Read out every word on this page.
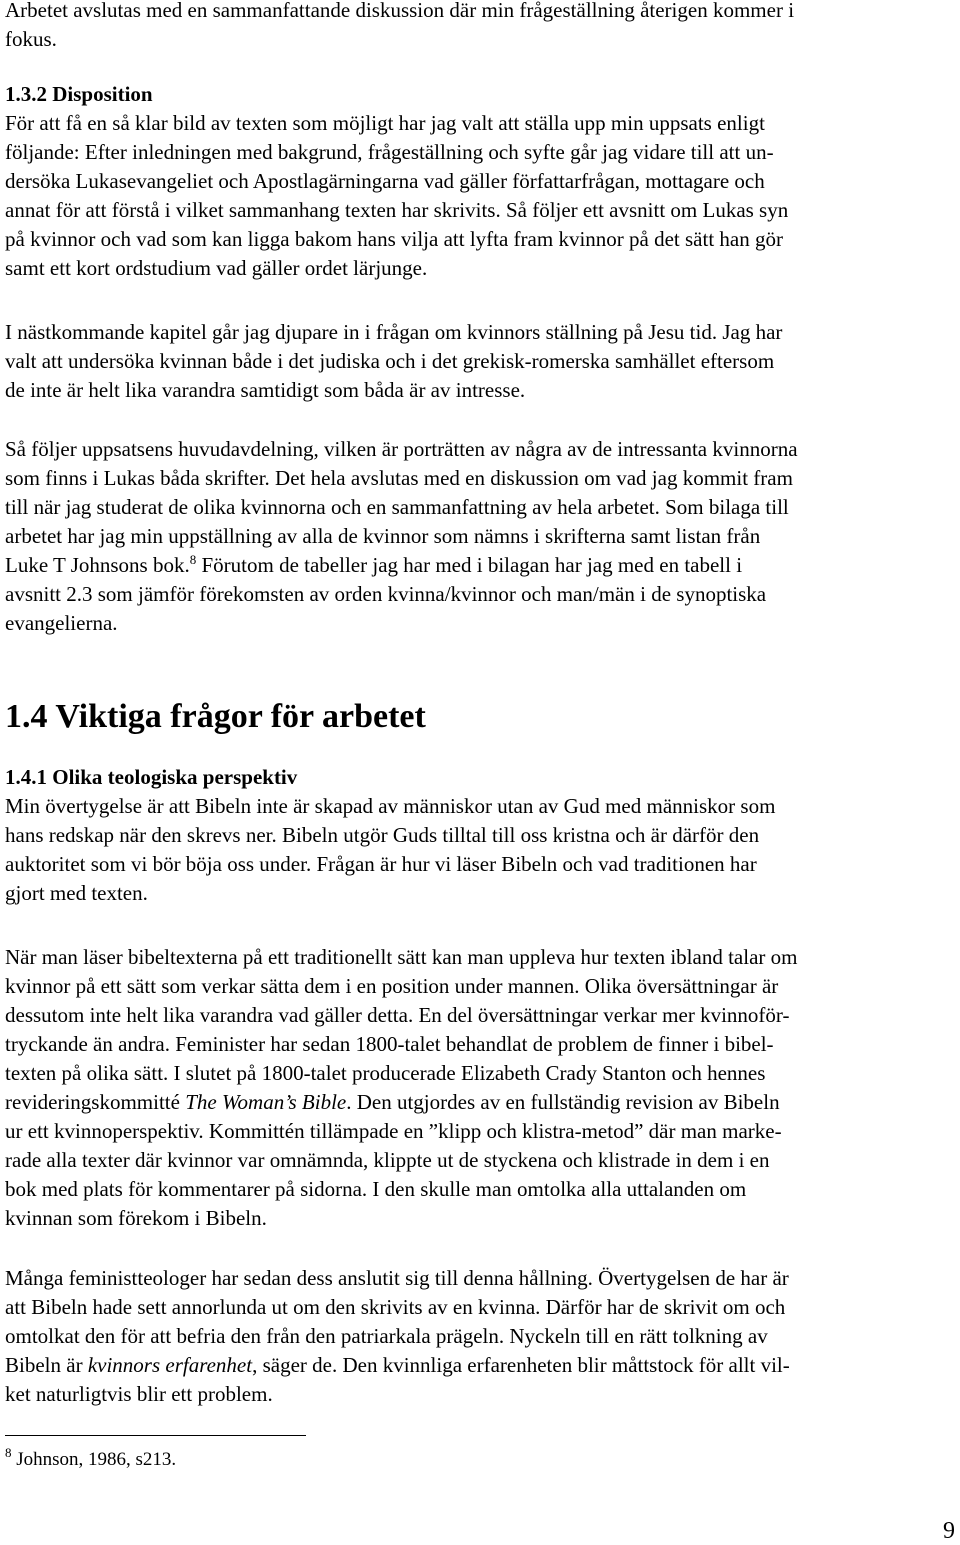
Arbetet avslutas med en sammanfattande diskussion där min frågeställning återigen kommer i
fokus.
1.3.2 Disposition
För att få en så klar bild av texten som möjligt har jag valt att ställa upp min uppsats enligt
följande: Efter inledningen med bakgrund, frågeställning och syfte går jag vidare till att un-
dersöka Lukasevangeliet och Apostlagärningarna vad gäller författarfrågan, mottagare och
annat för att förstå i vilket sammanhang texten har skrivits. Så följer ett avsnitt om Lukas syn
på kvinnor och vad som kan ligga bakom hans vilja att lyfta fram kvinnor på det sätt han gör
samt ett kort ordstudium vad gäller ordet lärjunge.
I nästkommande kapitel går jag djupare in i frågan om kvinnors ställning på Jesu tid. Jag har
valt att undersöka kvinnan både i det judiska och i det grekisk-romerska samhället eftersom
de inte är helt lika varandra samtidigt som båda är av intresse.
Så följer uppsatsens huvudavdelning, vilken är porträtten av några av de intressanta kvinnorna
som finns i Lukas båda skrifter. Det hela avslutas med en diskussion om vad jag kommit fram
till när jag studerat de olika kvinnorna och en sammanfattning av hela arbetet. Som bilaga till
arbetet har jag min uppställning av alla de kvinnor som nämns i skrifterna samt listan från
Luke T Johnsons bok.$^8$ Förutom de tabeller jag har med i bilagan har jag med en tabell i
avsnitt 2.3 som jämför förekomsten av orden kvinna/kvinnor och man/män i de synoptiska
evangelierna.
1.4 Viktiga frågor för arbetet
1.4.1 Olika teologiska perspektiv
Min övertygelse är att Bibeln inte är skapad av människor utan av Gud med människor som
hans redskap när den skrevs ner. Bibeln utgör Guds tilltal till oss kristna och är därför den
auktoritet som vi bör böja oss under. Frågan är hur vi läser Bibeln och vad traditionen har
gjort med texten.
När man läser bibeltexterna på ett traditionellt sätt kan man uppleva hur texten ibland talar om
kvinnor på ett sätt som verkar sätta dem i en position under mannen. Olika översättningar är
dessutom inte helt lika varandra vad gäller detta. En del översättningar verkar mer kvinnoför-
tryckande än andra. Feminister har sedan 1800-talet behandlat de problem de finner i bibel-
texten på olika sätt. I slutet på 1800-talet producerade Elizabeth Crady Stanton och hennes
revideringskommitté The Woman’s Bible. Den utgjordes av en fullständig revision av Bibeln
ur ett kvinnoperspektiv. Kommittén tillämpade en ”klipp och klistra-metod” där man marke-
rade alla texter där kvinnor var omnämnda, klippte ut de styckena och klistrade in dem i en
bok med plats för kommentarer på sidorna. I den skulle man omtolka alla uttalanden om
kvinnan som förekom i Bibeln.
Många feministteologer har sedan dess anslutit sig till denna hållning. Övertygelsen de har är
att Bibeln hade sett annorlunda ut om den skrivits av en kvinna. Därför har de skrivit om och
omtolkat den för att befria den från den patriarkala prägeln. Nyckeln till en rätt tolkning av
Bibeln är kvinnors erfarenhet, säger de. Den kvinnliga erfarenheten blir måttstock för allt vil-
ket naturligtvis blir ett problem.
$^8$ Johnson, 1986, s213.
9
